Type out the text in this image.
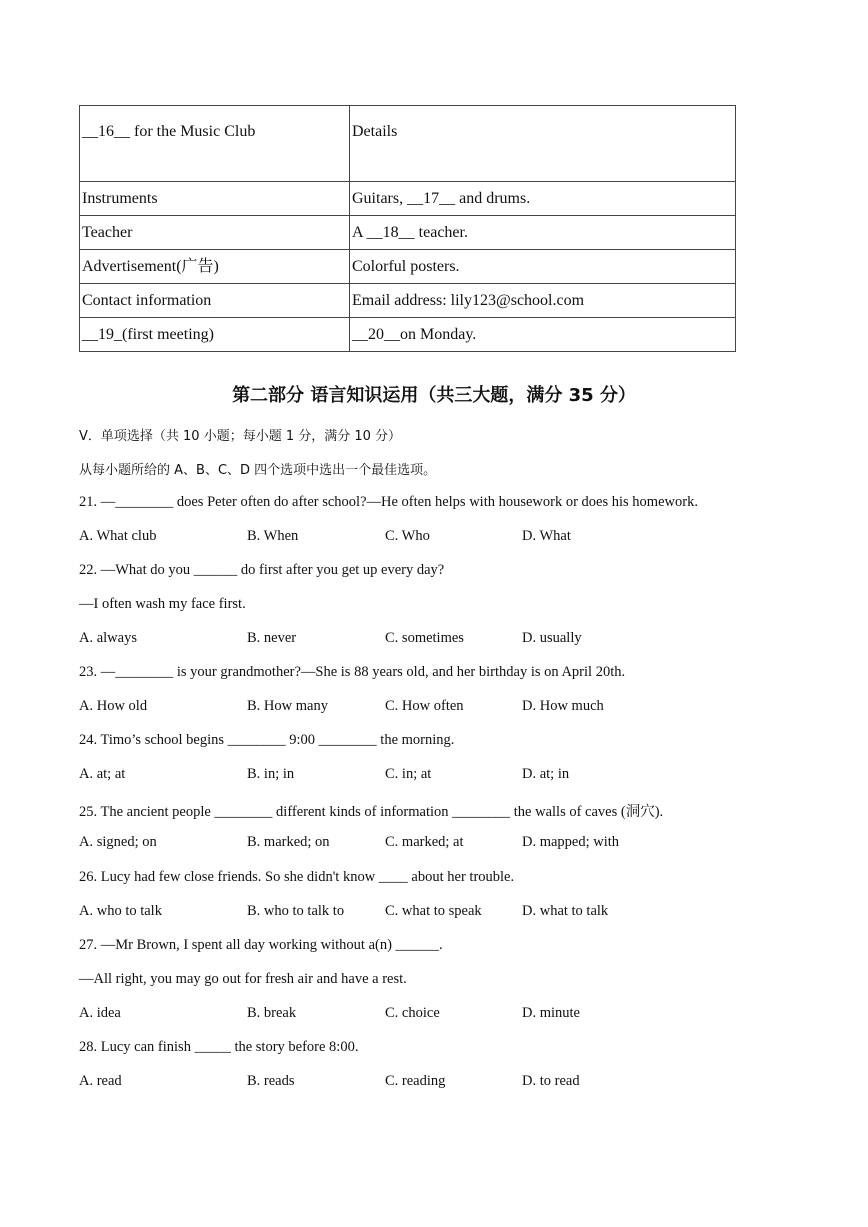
__16__ for the Music Club	Details
Instruments	Guitars, __17__ and drums.
Teacher	A __18__ teacher.
Advertisement(广告)	Colorful posters.
Contact information	Email address: lily123@school.com
__19_(first meeting)	__20__on Monday.
第二部分 语言知识运用（共三大题，满分 35 分）
V．单项选择（共 10 小题；每小题 1 分，满分 10 分）
从每小题所给的 A、B、C、D 四个选项中选出一个最佳选项。
21. —________ does Peter often do after school?—He often helps with housework or does his homework.
A. What club	B. When	C. Who	D. What
22. —What do you ______ do first after you get up every day?
—I often wash my face first.
A. always	B. never	C. sometimes	D. usually
23. —________ is your grandmother?—She is 88 years old, and her birthday is on April 20th.
A. How old	B. How many	C. How often	D. How much
24. Timo’s school begins ________ 9:00 ________ the morning.
A. at; at	B. in; in	C. in; at	D. at; in
25. The ancient people ________ different kinds of information ________ the walls of caves (洞穴).
A. signed; on	B. marked; on	C. marked; at	D. mapped; with
26. Lucy had few close friends. So she didn't know ____ about her trouble.
A. who to talk	B. who to talk to	C. what to speak	D. what to talk
27. —Mr Brown, I spent all day working without a(n) ______.
—All right, you may go out for fresh air and have a rest.
A. idea	B. break	C. choice	D. minute
28. Lucy can finish _____ the story before 8:00.
A. read	B. reads	C. reading	D. to read
